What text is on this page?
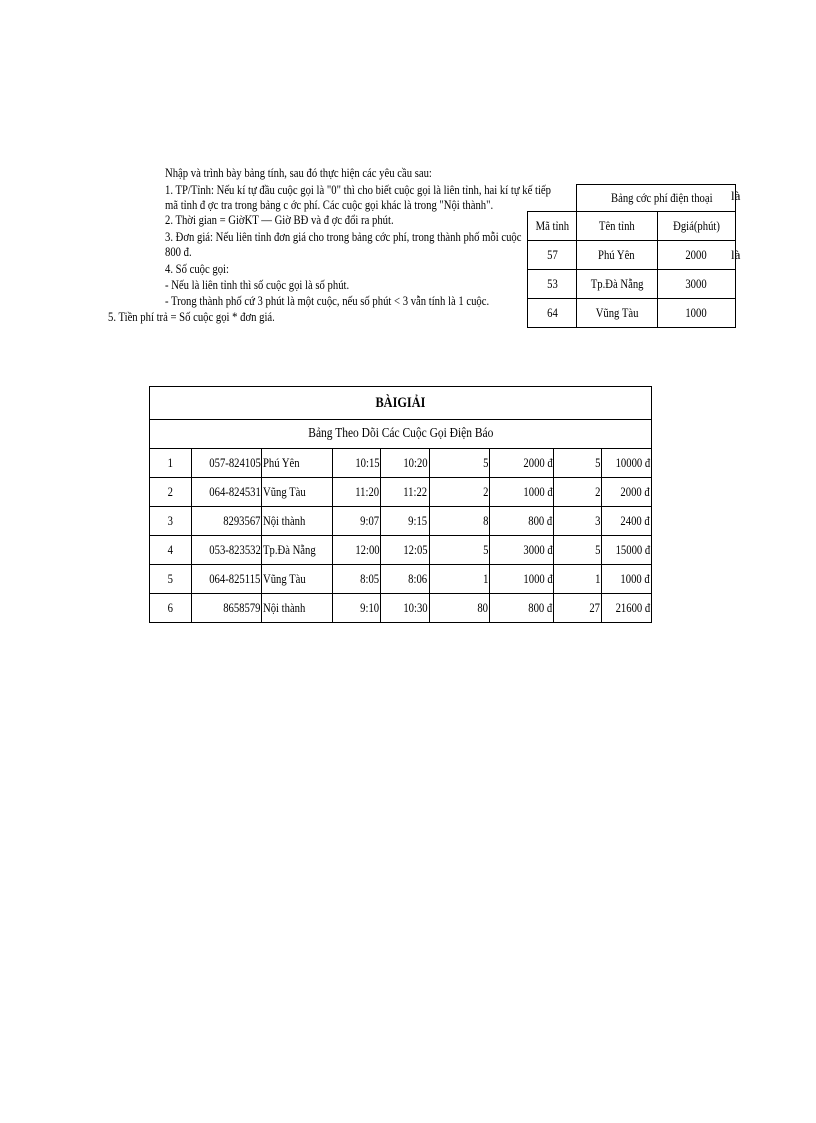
Nhập và trình bày bảng tính, sau đó thực hiện các yêu cầu sau:
1. TP/Tỉnh: Nếu kí tự đầu cuộc gọi là "0" thì cho biết cuộc gọi là liên tỉnh, hai kí tự kế tiếp
mã tỉnh đ ợc tra trong bảng c ớc phí. Các cuộc gọi khác là trong "Nội thành".
2. Thời gian = GiờKT — Giờ BĐ và đ ợc đổi ra phút.
3. Đơn giá: Nếu liên tỉnh đơn giá cho trong bảng cớc phí, trong thành phố mỗi cuộc
800 đ.
4. Số cuộc gọi:
- Nếu là liên tỉnh thì số cuộc gọi là số phút.
- Trong thành phố cứ 3 phút là một cuộc, nếu số phút < 3 vẫn tính là 1 cuộc.
5. Tiền phí trả = Số cuộc gọi * đơn giá.
là
là
	Bảng cớc phí điện thoại	
Mã tỉnh	Tên tỉnh	Đgiá(phút)
57	Phú Yên	2000
53	Tp.Đà Nẵng	3000
64	Vũng Tàu	1000
BÀIGIẢI								
Bảng Theo Dõi Các Cuộc Gọi Điện Báo								
1	057-824105	Phú Yên	10:15	10:20	5	2000 đ	5	10000 đ
2	064-824531	Vũng Tàu	11:20	11:22	2	1000 đ	2	2000 đ
3	8293567	Nội thành	9:07	9:15	8	800 đ	3	2400 đ
4	053-823532	Tp.Đà Nẵng	12:00	12:05	5	3000 đ	5	15000 đ
5	064-825115	Vũng Tàu	8:05	8:06	1	1000 đ	1	1000 đ
6	8658579	Nội thành	9:10	10:30	80	800 đ	27	21600 đ
